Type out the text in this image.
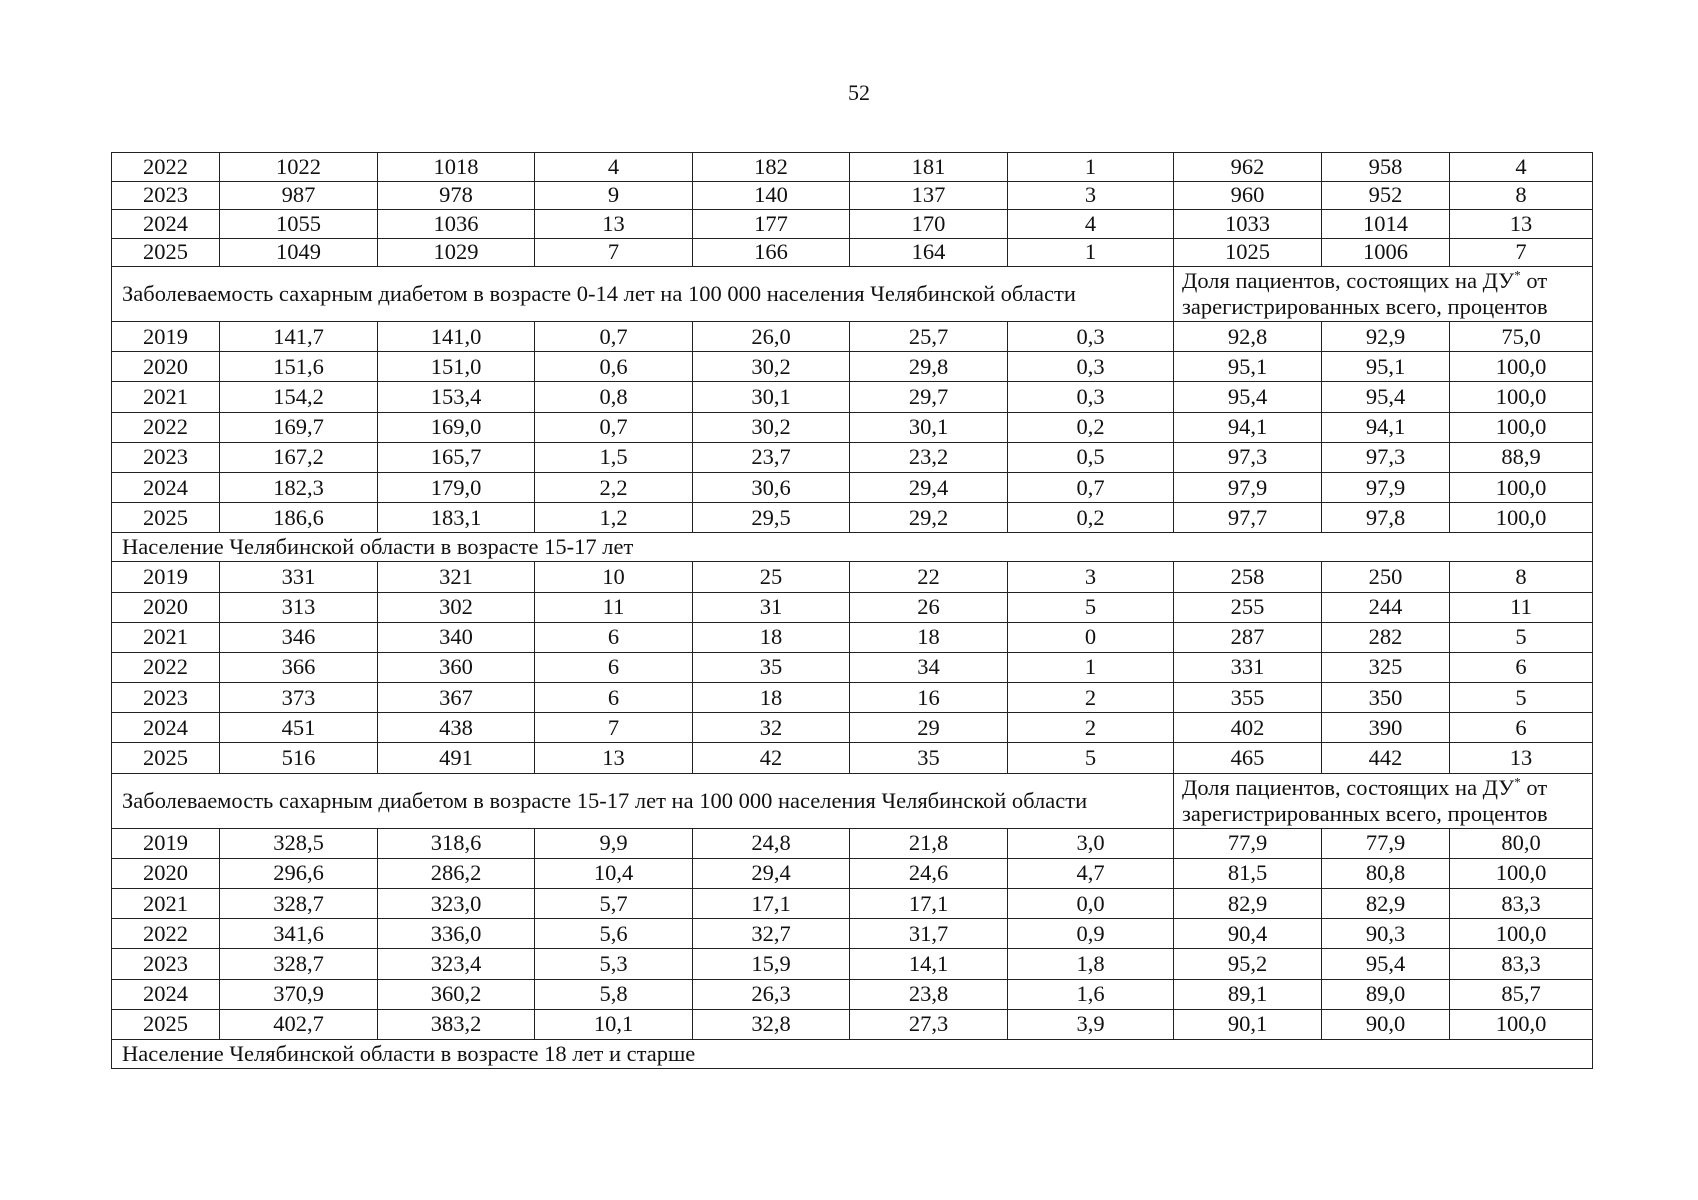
52
2022	1022	1018	4	182	181	1	962	958	4
2023	987	978	9	140	137	3	960	952	8
2024	1055	1036	13	177	170	4	1033	1014	13
2025	1049	1029	7	166	164	1	1025	1006	7
Заболеваемость сахарным диабетом в возрасте 0-14 лет на 100 000 населения Челябинской области							Доля пациентов, состоящих на ДУ* от зарегистрированных всего, процентов		
2019	141,7	141,0	0,7	26,0	25,7	0,3	92,8	92,9	75,0
2020	151,6	151,0	0,6	30,2	29,8	0,3	95,1	95,1	100,0
2021	154,2	153,4	0,8	30,1	29,7	0,3	95,4	95,4	100,0
2022	169,7	169,0	0,7	30,2	30,1	0,2	94,1	94,1	100,0
2023	167,2	165,7	1,5	23,7	23,2	0,5	97,3	97,3	88,9
2024	182,3	179,0	2,2	30,6	29,4	0,7	97,9	97,9	100,0
2025	186,6	183,1	1,2	29,5	29,2	0,2	97,7	97,8	100,0
Население Челябинской области в возрасте 15-17 лет									
2019	331	321	10	25	22	3	258	250	8
2020	313	302	11	31	26	5	255	244	11
2021	346	340	6	18	18	0	287	282	5
2022	366	360	6	35	34	1	331	325	6
2023	373	367	6	18	16	2	355	350	5
2024	451	438	7	32	29	2	402	390	6
2025	516	491	13	42	35	5	465	442	13
Заболеваемость сахарным диабетом в возрасте 15-17 лет на 100 000 населения Челябинской области							Доля пациентов, состоящих на ДУ* от зарегистрированных всего, процентов		
2019	328,5	318,6	9,9	24,8	21,8	3,0	77,9	77,9	80,0
2020	296,6	286,2	10,4	29,4	24,6	4,7	81,5	80,8	100,0
2021	328,7	323,0	5,7	17,1	17,1	0,0	82,9	82,9	83,3
2022	341,6	336,0	5,6	32,7	31,7	0,9	90,4	90,3	100,0
2023	328,7	323,4	5,3	15,9	14,1	1,8	95,2	95,4	83,3
2024	370,9	360,2	5,8	26,3	23,8	1,6	89,1	89,0	85,7
2025	402,7	383,2	10,1	32,8	27,3	3,9	90,1	90,0	100,0
Население Челябинской области в возрасте 18 лет и старше									
